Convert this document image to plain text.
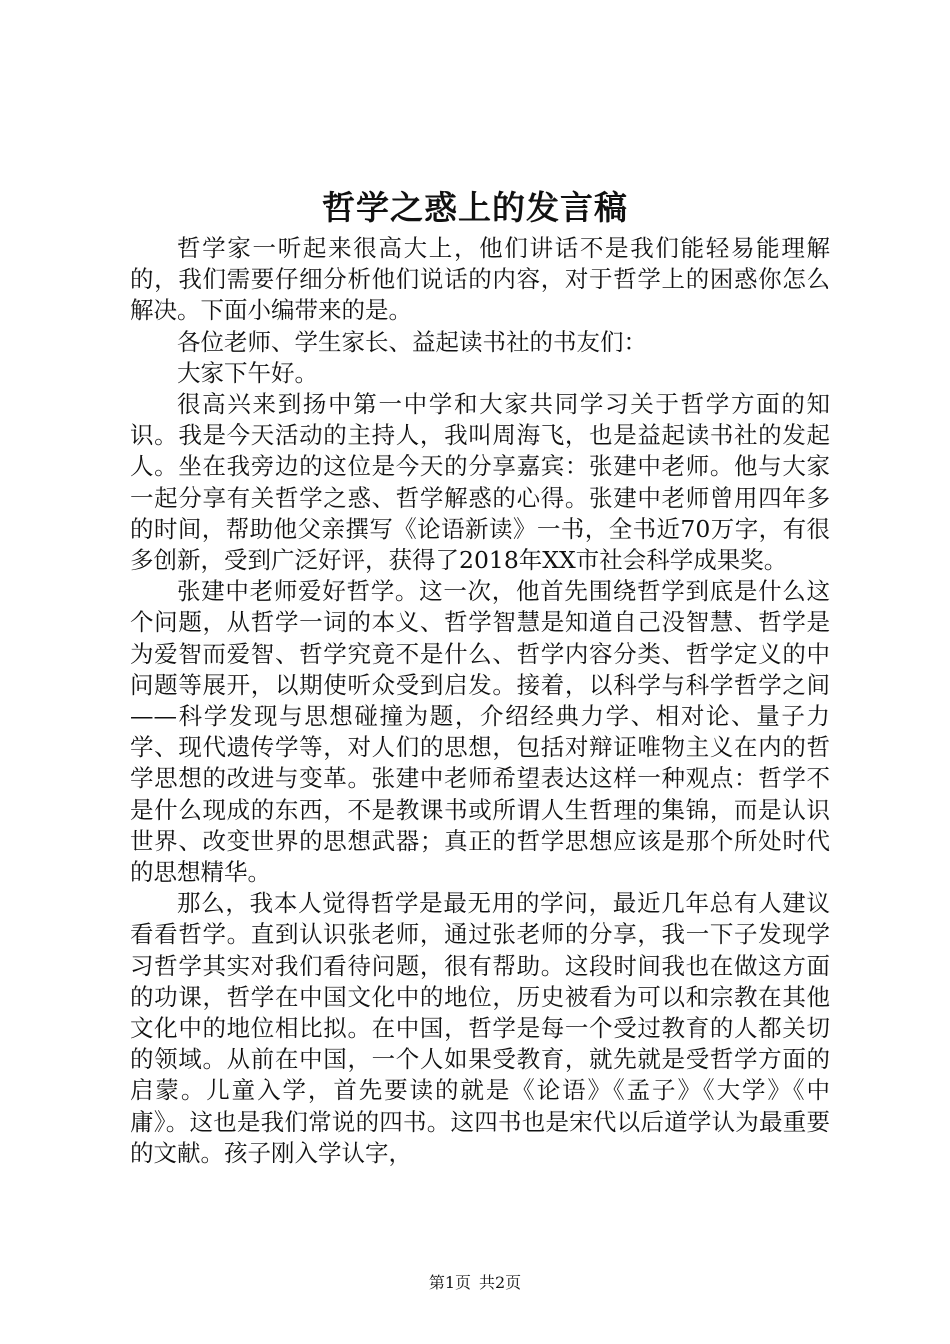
哲学之惑上的发言稿

哲学家一听起来很高大上，他们讲话不是我们能轻易能理解的，我们需要仔细分析他们说话的内容，对于哲学上的困惑你怎么解决。下面小编带来的是。

各位老师、学生家长、益起读书社的书友们：

大家下午好。

很高兴来到扬中第一中学和大家共同学习关于哲学方面的知识。我是今天活动的主持人，我叫周海飞，也是益起读书社的发起人。坐在我旁边的这位是今天的分享嘉宾：张建中老师。他与大家一起分享有关哲学之惑、哲学解惑的心得。张建中老师曾用四年多的时间，帮助他父亲撰写《论语新读》一书，全书近70万字，有很多创新，受到广泛好评，获得了2018年XX市社会科学成果奖。

张建中老师爱好哲学。这一次，他首先围绕哲学到底是什么这个问题，从哲学一词的本义、哲学智慧是知道自己没智慧、哲学是为爱智而爱智、哲学究竟不是什么、哲学内容分类、哲学定义的中问题等展开，以期使听众受到启发。接着，以科学与科学哲学之间——科学发现与思想碰撞为题，介绍经典力学、相对论、量子力学、现代遗传学等，对人们的思想，包括对辩证唯物主义在内的哲学思想的改进与变革。张建中老师希望表达这样一种观点：哲学不是什么现成的东西，不是教课书或所谓人生哲理的集锦，而是认识世界、改变世界的思想武器；真正的哲学思想应该是那个所处时代的思想精华。

那么，我本人觉得哲学是最无用的学问，最近几年总有人建议看看哲学。直到认识张老师，通过张老师的分享，我一下子发现学习哲学其实对我们看待问题，很有帮助。这段时间我也在做这方面的功课，哲学在中国文化中的地位，历史被看为可以和宗教在其他文化中的地位相比拟。在中国，哲学是每一个受过教育的人都关切的领域。从前在中国，一个人如果受教育，就先就是受哲学方面的启蒙。儿童入学，首先要读的就是《论语》《孟子》《大学》《中庸》。这也是我们常说的四书。这四书也是宋代以后道学认为最重要的文献。孩子刚入学认字，

第1页 共2页
